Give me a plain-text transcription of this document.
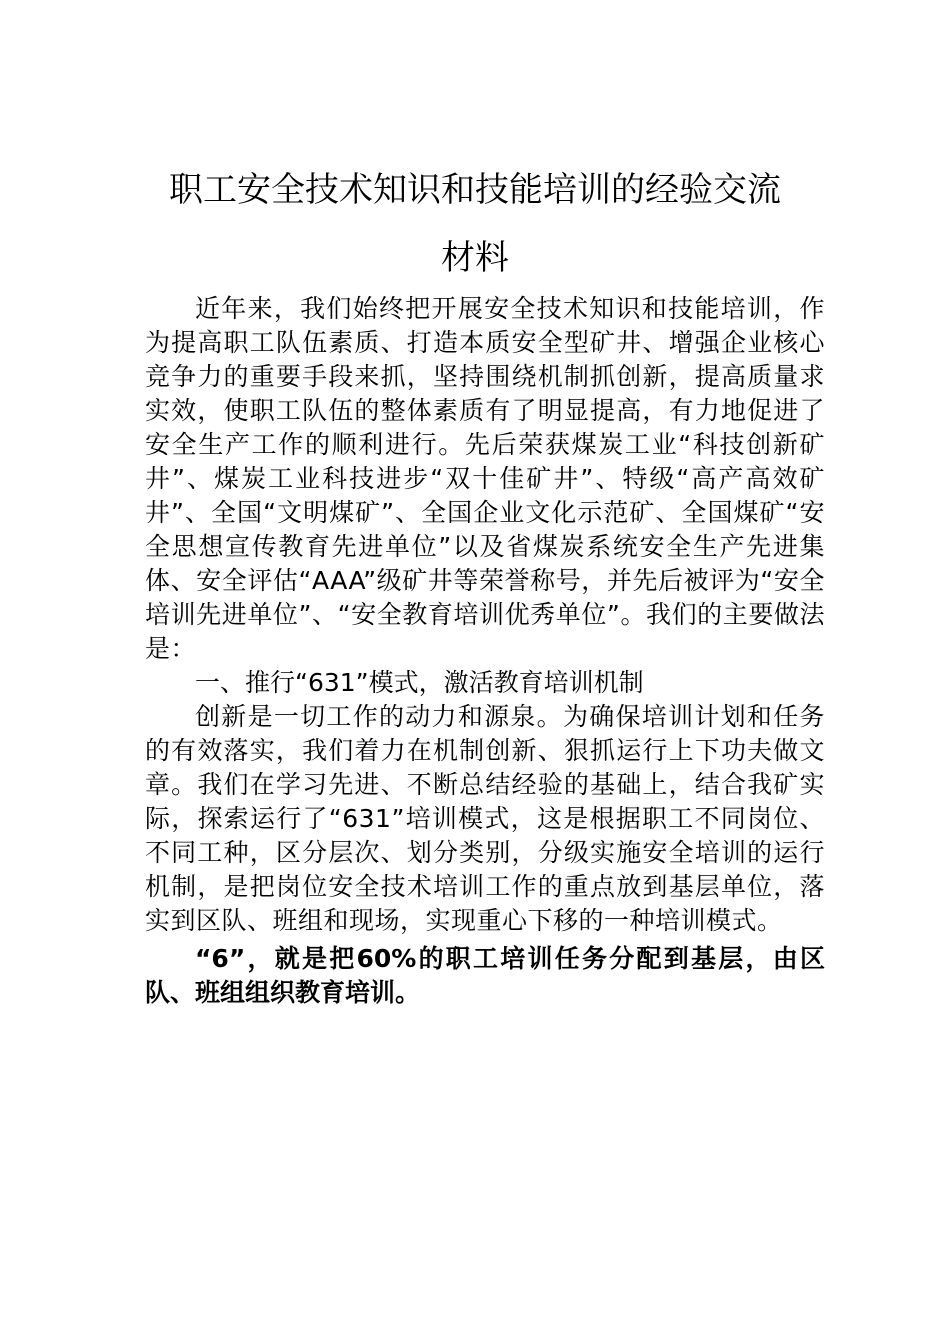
职工安全技术知识和技能培训的经验交流
材料

近年来，我们始终把开展安全技术知识和技能培训，作为提高职工队伍素质、打造本质安全型矿井、增强企业核心竞争力的重要手段来抓，坚持围绕机制抓创新，提高质量求实效，使职工队伍的整体素质有了明显提高，有力地促进了安全生产工作的顺利进行。先后荣获煤炭工业“科技创新矿井”、煤炭工业科技进步“双十佳矿井”、特级“高产高效矿井”、全国“文明煤矿”、全国企业文化示范矿、全国煤矿“安全思想宣传教育先进单位”以及省煤炭系统安全生产先进集体、安全评估“AAA”级矿井等荣誉称号，并先后被评为“安全培训先进单位”、“安全教育培训优秀单位”。我们的主要做法是：

一、推行“631”模式，激活教育培训机制

创新是一切工作的动力和源泉。为确保培训计划和任务的有效落实，我们着力在机制创新、狠抓运行上下功夫做文章。我们在学习先进、不断总结经验的基础上，结合我矿实际，探索运行了“631”培训模式，这是根据职工不同岗位、不同工种，区分层次、划分类别，分级实施安全培训的运行机制，是把岗位安全技术培训工作的重点放到基层单位，落实到区队、班组和现场，实现重心下移的一种培训模式。

“6”，就是把60%的职工培训任务分配到基层，由区队、班组组织教育培训。
